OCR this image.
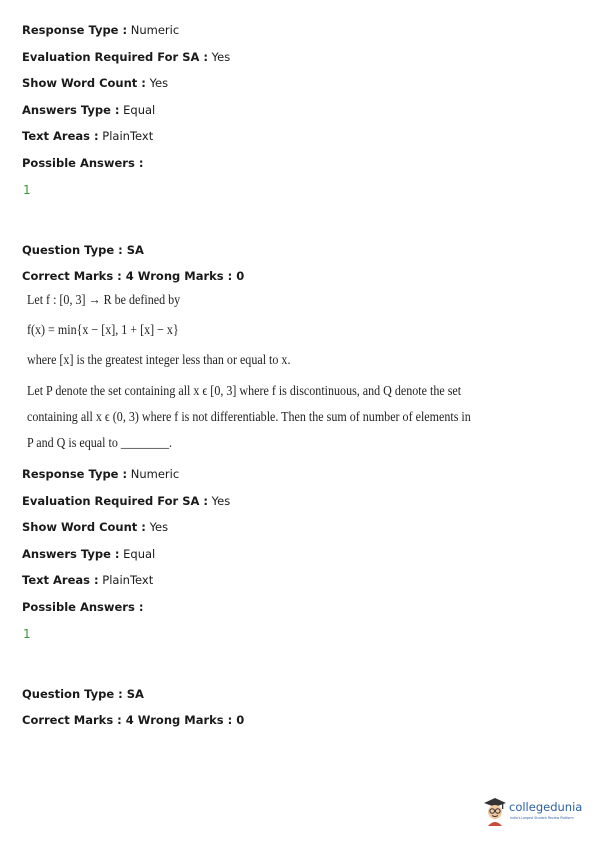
Response Type : Numeric
Evaluation Required For SA : Yes
Show Word Count : Yes
Answers Type : Equal
Text Areas : PlainText
Possible Answers :
1
Question Type : SA
Correct Marks : 4 Wrong Marks : 0
Let f : [0, 3] → R be defined by
f(x) = min{x − [x], 1 + [x] − x}
where [x] is the greatest integer less than or equal to x.
Let P denote the set containing all x ϵ [0, 3] where f is discontinuous, and Q denote the set
containing all x ϵ (0, 3) where f is not differentiable. Then the sum of number of elements in
P and Q is equal to ________.
Response Type : Numeric
Evaluation Required For SA : Yes
Show Word Count : Yes
Answers Type : Equal
Text Areas : PlainText
Possible Answers :
1
Question Type : SA
Correct Marks : 4 Wrong Marks : 0
collegedunia
India's Largest Student Review Platform
